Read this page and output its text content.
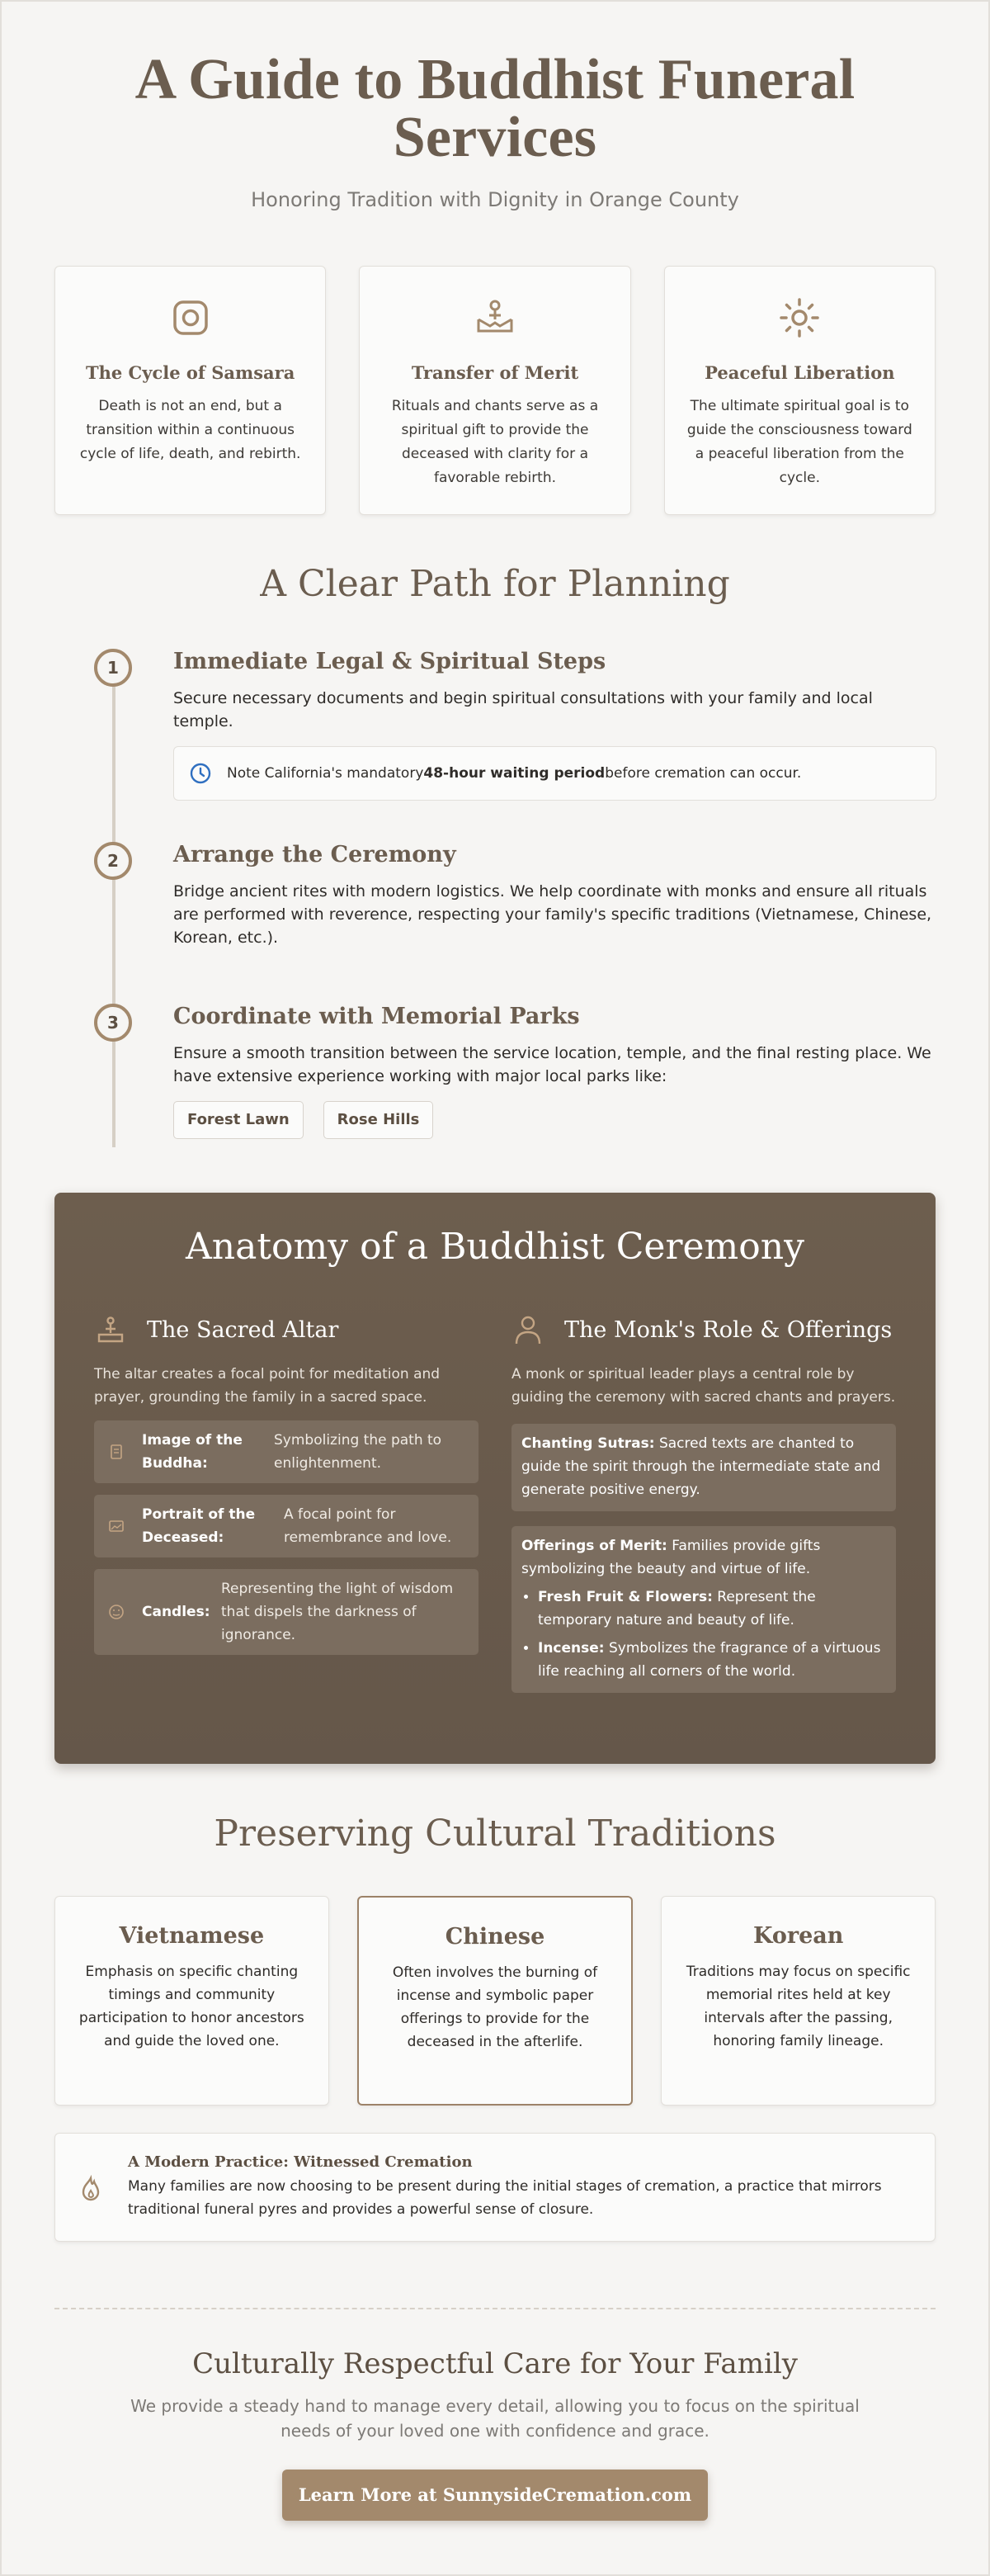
A Guide to Buddhist Funeral
Services
Honoring Tradition with Dignity in Orange County
The Cycle of Samsara

Death is not an end, but a transition within a continuous cycle of life, death, and rebirth.

Transfer of Merit

Rituals and chants serve as a spiritual gift to provide the deceased with clarity for a favorable rebirth.

Peaceful Liberation

The ultimate spiritual goal is to guide the consciousness toward a peaceful liberation from the cycle.

A Clear Path for Planning
1	Immediate Legal & Spiritual Steps

Secure necessary documents and begin spiritual consultations with your family and local temple.

Note California's mandatory 48-hour waiting period before cremation can occur.
2	Arrange the Ceremony

Bridge ancient rites with modern logistics. We help coordinate with monks and ensure all rituals are performed with reverence, respecting your family's specific traditions (Vietnamese, Chinese, Korean, etc.).

3	Coordinate with Memorial Parks

Ensure a smooth transition between the service location, temple, and the final resting place. We have extensive experience working with major local parks like:

Forest Lawn	Rose Hills
Anatomy of a Buddhist Ceremony
The Sacred Altar

The altar creates a focal point for meditation and prayer, grounding the family in a sacred space.

Image of the Buddha:
Symbolizing the path to enlightenment.
Portrait of the Deceased:
A focal point for remembrance and love.
Candles:
Representing the light of wisdom that dispels the darkness of ignorance.
The Monk's Role & Offerings

A monk or spiritual leader plays a central role by guiding the ceremony with sacred chants and prayers.

Chanting Sutras: Sacred texts are chanted to guide the spirit through the intermediate state and generate positive energy.
Offerings of Merit: Families provide gifts symbolizing the beauty and virtue of life.
• Fresh Fruit & Flowers: Represent the temporary nature and beauty of life.
• Incense: Symbolizes the fragrance of a virtuous life reaching all corners of the world.
Preserving Cultural Traditions
Vietnamese

Emphasis on specific chanting timings and community participation to honor ancestors and guide the loved one.

Chinese

Often involves the burning of incense and symbolic paper offerings to provide for the deceased in the afterlife.

Korean

Traditions may focus on specific memorial rites held at key intervals after the passing, honoring family lineage.

A Modern Practice: Witnessed Cremation

Many families are now choosing to be present during the initial stages of cremation, a practice that mirrors traditional funeral pyres and provides a powerful sense of closure.

Culturally Respectful Care for Your Family
We provide a steady hand to manage every detail, allowing you to focus on the spiritual needs of your loved one with confidence and grace.
Learn More at SunnysideCremation.com
